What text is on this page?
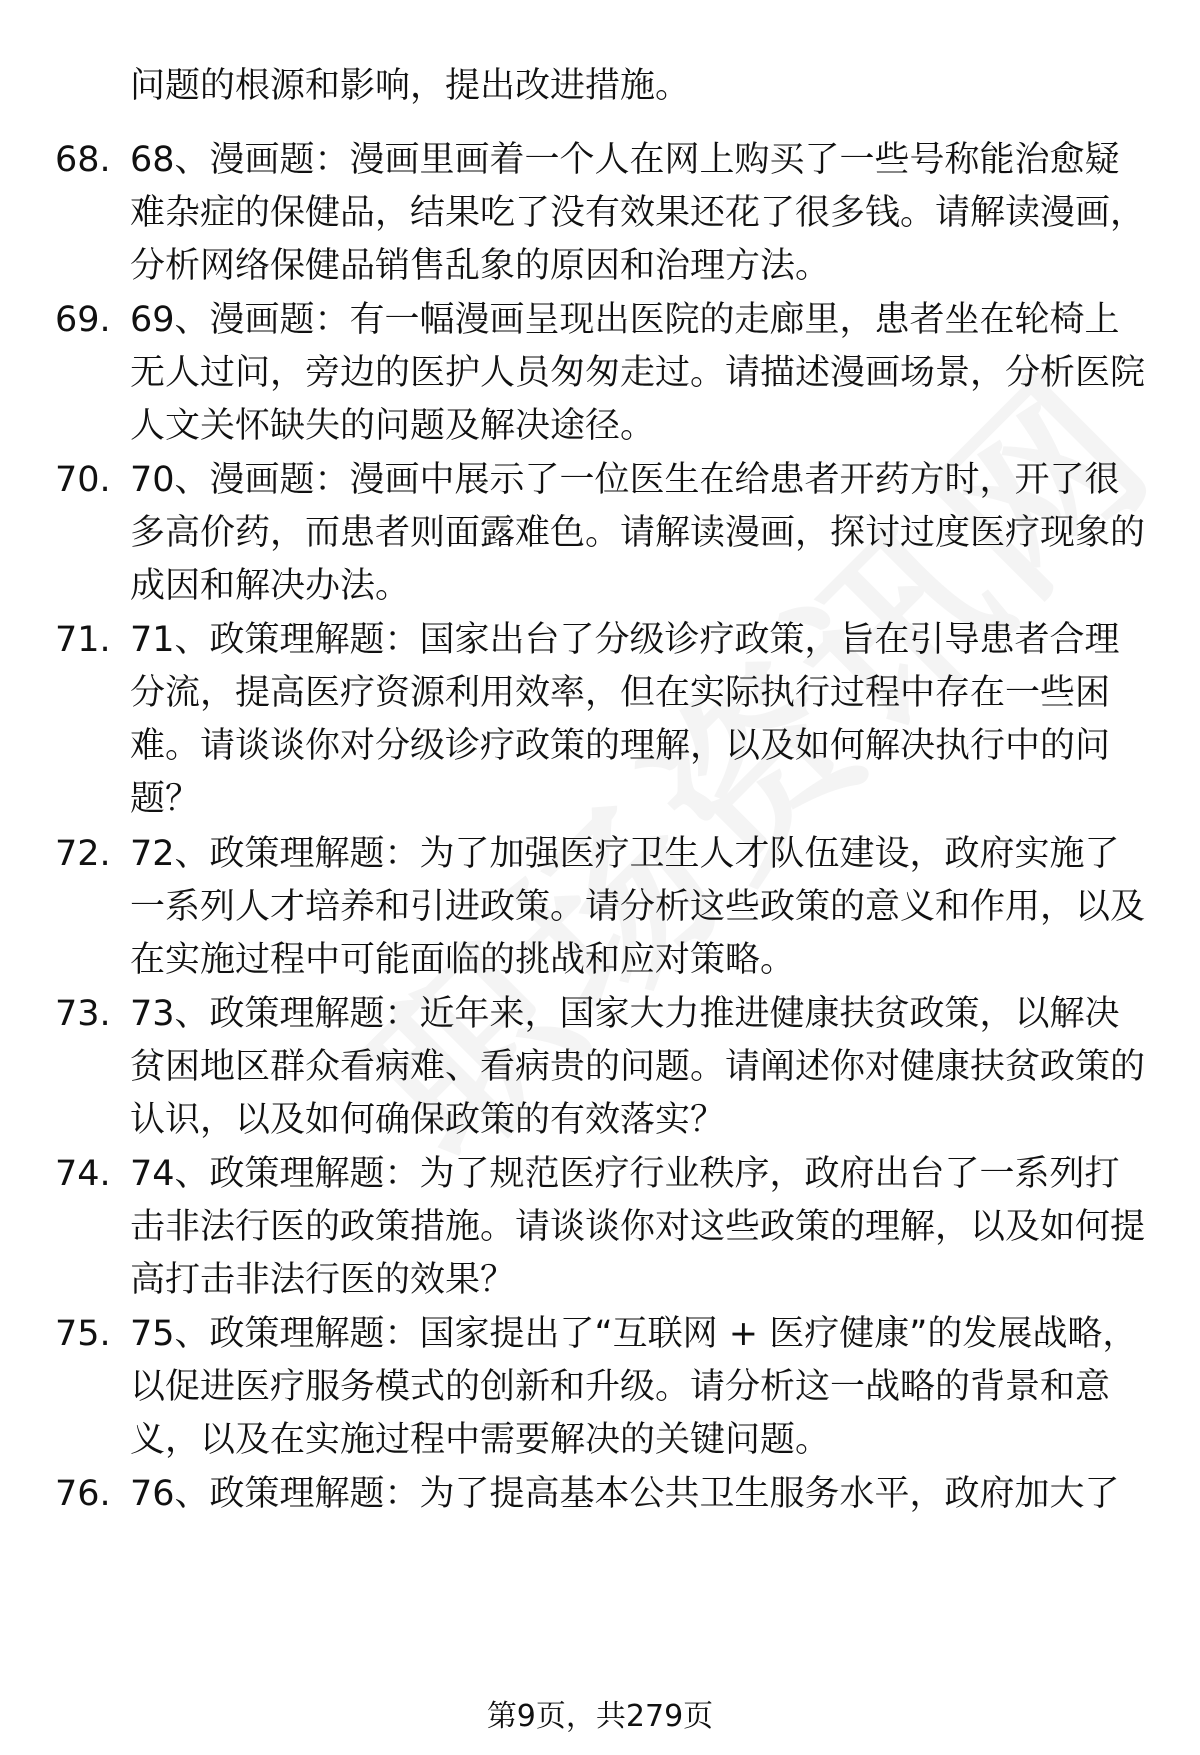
问题的根源和影响，提出改进措施。
68. 68、漫画题：漫画里画着一个人在网上购买了一些号称能治愈疑难杂症的保健品，结果吃了没有效果还花了很多钱。请解读漫画，分析网络保健品销售乱象的原因和治理方法。
69. 69、漫画题：有一幅漫画呈现出医院的走廊里，患者坐在轮椅上无人过问，旁边的医护人员匆匆走过。请描述漫画场景，分析医院人文关怀缺失的问题及解决途径。
70. 70、漫画题：漫画中展示了一位医生在给患者开药方时，开了很多高价药，而患者则面露难色。请解读漫画，探讨过度医疗现象的成因和解决办法。
71. 71、政策理解题：国家出台了分级诊疗政策，旨在引导患者合理分流，提高医疗资源利用效率，但在实际执行过程中存在一些困难。请谈谈你对分级诊疗政策的理解，以及如何解决执行中的问题？
72. 72、政策理解题：为了加强医疗卫生人才队伍建设，政府实施了一系列人才培养和引进政策。请分析这些政策的意义和作用，以及在实施过程中可能面临的挑战和应对策略。
73. 73、政策理解题：近年来，国家大力推进健康扶贫政策，以解决贫困地区群众看病难、看病贵的问题。请阐述你对健康扶贫政策的认识，以及如何确保政策的有效落实？
74. 74、政策理解题：为了规范医疗行业秩序，政府出台了一系列打击非法行医的政策措施。请谈谈你对这些政策的理解，以及如何提高打击非法行医的效果？
75. 75、政策理解题：国家提出了“互联网 + 医疗健康”的发展战略，以促进医疗服务模式的创新和升级。请分析这一战略的背景和意义，以及在实施过程中需要解决的关键问题。
76. 76、政策理解题：为了提高基本公共卫生服务水平，政府加大了
第9页，共279页
